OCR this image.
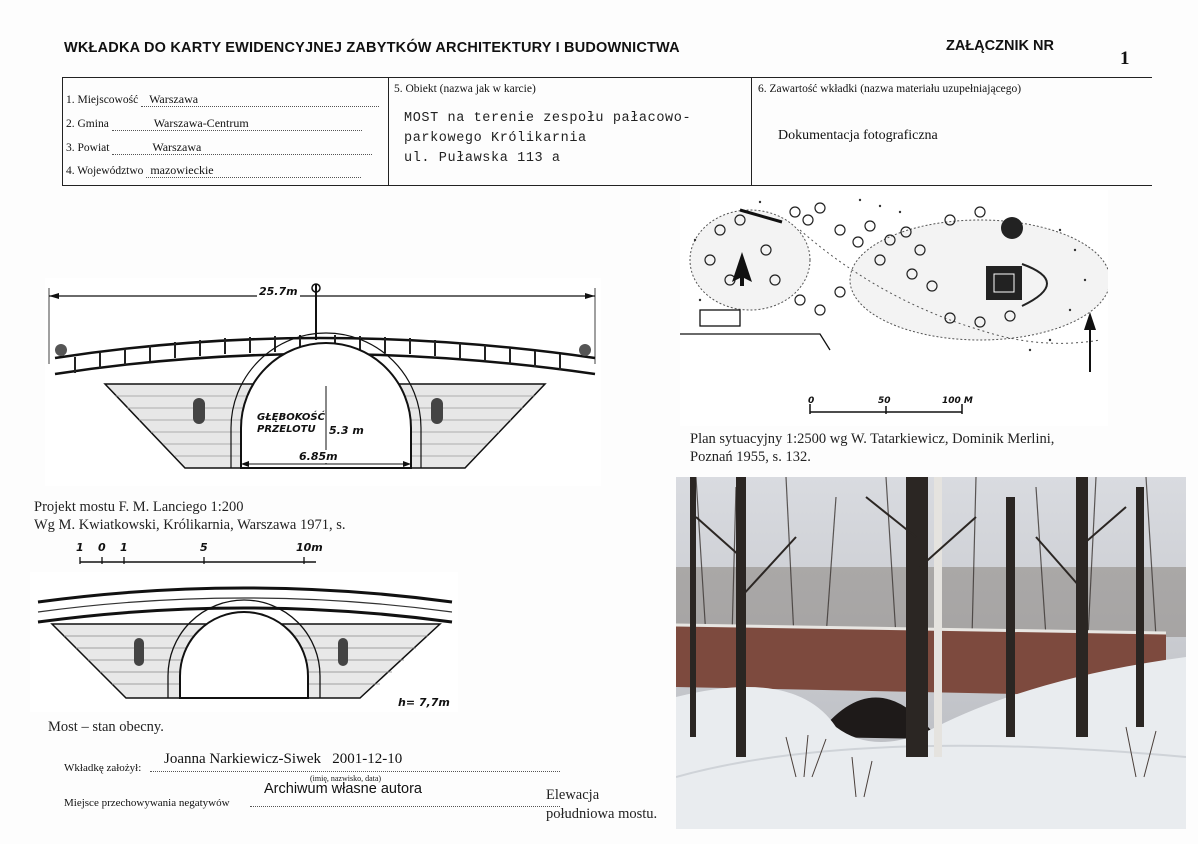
WKŁADKA DO KARTY EWIDENCYJNEJ ZABYTKÓW ARCHITEKTURY I BUDOWNICTWA	ZAŁĄCZNIK NR
1
1. Miejscowość Warszawa
2. Gmina	Warszawa-Centrum
3. Powiat	Warszawa
4. Województwo mazowieckie
5. Obiekt (nazwa jak w karcie)
MOST na terenie zespołu pałacowo-
parkowego Królikarnia
ul. Puławska 113 a
6. Zawartość wkładki (nazwa materiału uzupełniającego)
Dokumentacja fotograficzna
25.7m
GŁĘBOKOŚĆ
PRZELOTU 5.3 m
6.85m
Projekt mostu F. M. Lanciego 1:200
Wg M. Kwiatkowski, Królikarnia, Warszawa 1971, s.
1 0 1	5	10m
h= 7,7m
Most – stan obecny.
0	50	100 M
Plan sytuacyjny 1:2500 wg W. Tatarkiewicz, Dominik Merlini,
Poznań 1955, s. 132.
Elewacja
południowa mostu.
Wkładkę założył:
Joanna Narkiewicz-Siwek   2001-12-10
(imię, nazwisko, data)
Miejsce przechowywania negatywów
Archiwum własne autora
